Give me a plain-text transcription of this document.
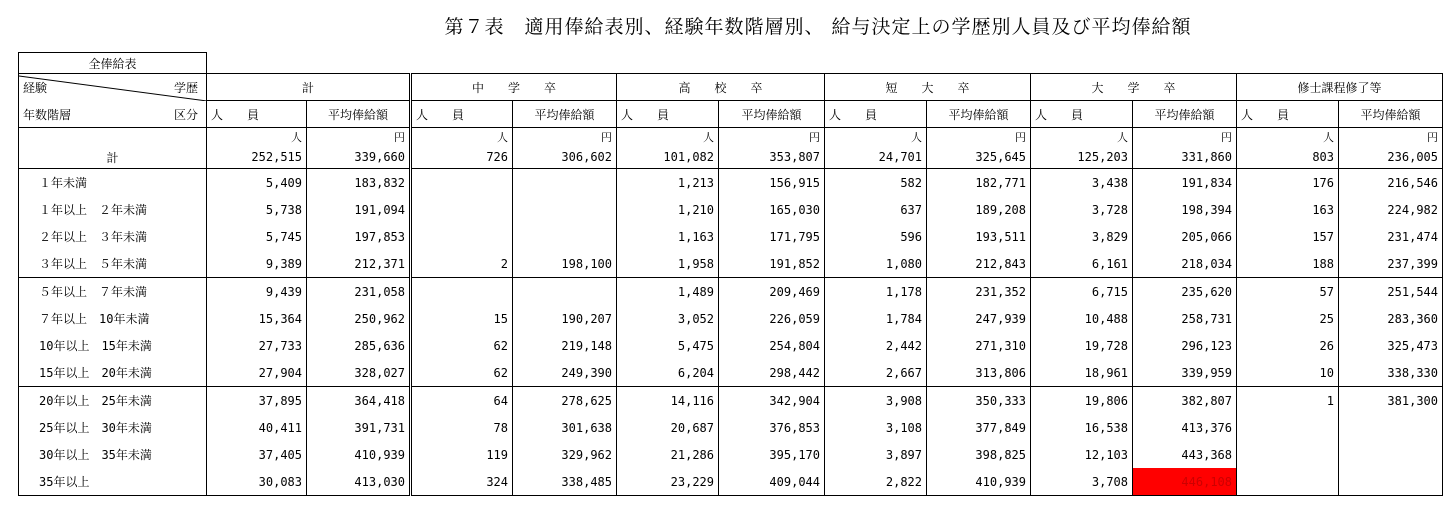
第７表　適用俸給表別、経験年数階層別、 給与決定上の学歴別人員及び平均俸給額
全俸給表												

経験 学歴	計		中　　学　　卒		高　　校　　卒		短　　大　　卒		大　　学　　卒		修士課程修了等	

年数階層 区分	人　　員	平均俸給額	人　　員	平均俸給額	人　　員	平均俸給額	人　　員	平均俸給額	人　　員	平均俸給額	人　　員	平均俸給額
	人	円	人	円	人	円	人	円	人	円	人	円
計	252,515	339,660	726	306,602	101,082	353,807	24,701	325,645	125,203	331,860	803	236,005
１年未満	5,409	183,832			1,213	156,915	582	182,771	3,438	191,834	176	216,546
１年以上　２年未満	5,738	191,094			1,210	165,030	637	189,208	3,728	198,394	163	224,982
２年以上　３年未満	5,745	197,853			1,163	171,795	596	193,511	3,829	205,066	157	231,474
３年以上　５年未満	9,389	212,371	2	198,100	1,958	191,852	1,080	212,843	6,161	218,034	188	237,399
５年以上　７年未満	9,439	231,058			1,489	209,469	1,178	231,352	6,715	235,620	57	251,544
７年以上　10年未満	15,364	250,962	15	190,207	3,052	226,059	1,784	247,939	10,488	258,731	25	283,360
10年以上　15年未満	27,733	285,636	62	219,148	5,475	254,804	2,442	271,310	19,728	296,123	26	325,473
15年以上　20年未満	27,904	328,027	62	249,390	6,204	298,442	2,667	313,806	18,961	339,959	10	338,330
20年以上　25年未満	37,895	364,418	64	278,625	14,116	342,904	3,908	350,333	19,806	382,807	1	381,300
25年以上　30年未満	40,411	391,731	78	301,638	20,687	376,853	3,108	377,849	16,538	413,376		
30年以上　35年未満	37,405	410,939	119	329,962	21,286	395,170	3,897	398,825	12,103	443,368		
35年以上	30,083	413,030	324	338,485	23,229	409,044	2,822	410,939	3,708	446,108		
